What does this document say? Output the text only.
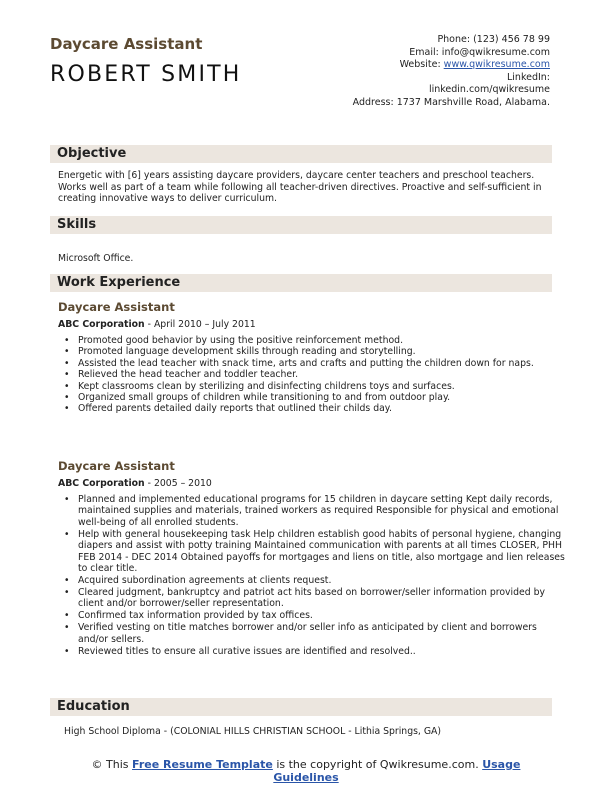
Daycare Assistant
ROBERT SMITH
Phone: (123) 456 78 99
Email: info@qwikresume.com
Website: www.qwikresume.com
LinkedIn:
linkedin.com/qwikresume
Address: 1737 Marshville Road, Alabama.
Objective
Energetic with [6] years assisting daycare providers, daycare center teachers and preschool teachers. Works well as part of a team while following all teacher-driven directives. Proactive and self-sufficient in creating innovative ways to deliver curriculum.
Skills
Microsoft Office.
Work Experience
Daycare Assistant
ABC Corporation - April 2010 – July 2011
• Promoted good behavior by using the positive reinforcement method.
• Promoted language development skills through reading and storytelling.
• Assisted the lead teacher with snack time, arts and crafts and putting the children down for naps.
• Relieved the head teacher and toddler teacher.
• Kept classrooms clean by sterilizing and disinfecting childrens toys and surfaces.
• Organized small groups of children while transitioning to and from outdoor play.
• Offered parents detailed daily reports that outlined their childs day.
Daycare Assistant
ABC Corporation - 2005 – 2010
• Planned and implemented educational programs for 15 children in daycare setting Kept daily records, maintained supplies and materials, trained workers as required Responsible for physical and emotional well-being of all enrolled students.
• Help with general housekeeping task Help children establish good habits of personal hygiene, changing diapers and assist with potty training Maintained communication with parents at all times CLOSER, PHH FEB 2014 - DEC 2014 Obtained payoffs for mortgages and liens on title, also mortgage and lien releases to clear title.
• Acquired subordination agreements at clients request.
• Cleared judgment, bankruptcy and patriot act hits based on borrower/seller information provided by client and/or borrower/seller representation.
• Confirmed tax information provided by tax offices.
• Verified vesting on title matches borrower and/or seller info as anticipated by client and borrowers and/or sellers.
• Reviewed titles to ensure all curative issues are identified and resolved..
Education
High School Diploma - (COLONIAL HILLS CHRISTIAN SCHOOL - Lithia Springs, GA)
© This Free Resume Template is the copyright of Qwikresume.com. Usage Guidelines
